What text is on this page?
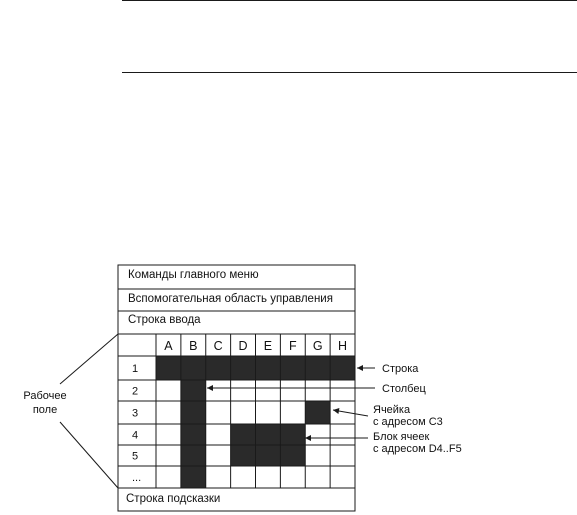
Команды главного меню
Вспомогательная область управления
Строка ввода
Строка подсказки
A B C D E F G H
1
2
3
4
5
...
Строка
Столбец
Ячейка
с адресом С3
Блок ячеек
с адресом D4..F5
Рабочее
поле
